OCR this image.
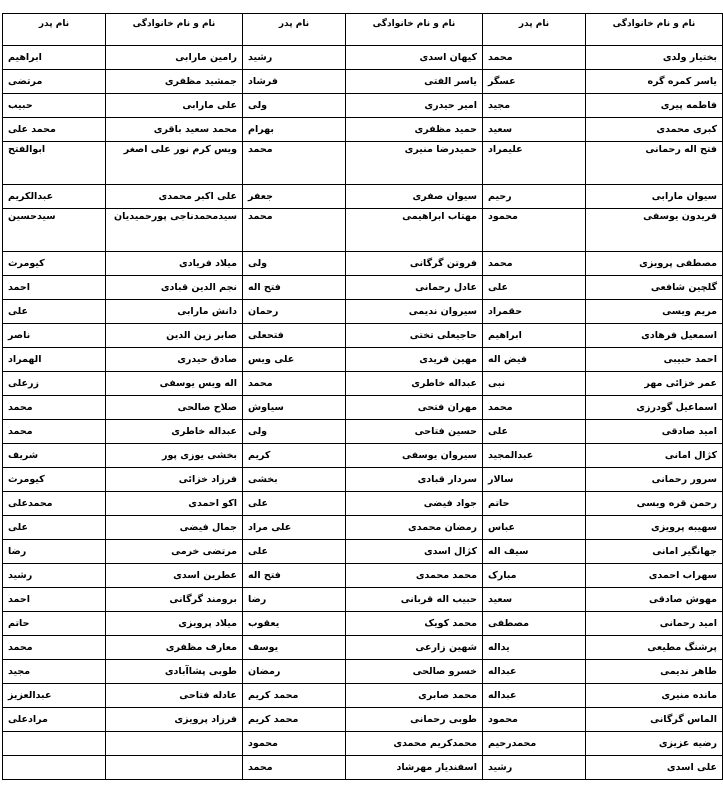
نام و نام خانوادگی	نام پدر	نام و نام خانوادگی	نام پدر	نام و نام خانوادگی	نام پدر
بختیار ولدی	محمد	کیهان اسدی	رشید	رامین مارابی	ابراهیم
یاسر کمره گره	عسگر	یاسر الفتی	فرشاد	جمشید مظفری	مرتضی
فاطمه پیری	مجید	امیر حیدری	ولی	علی مارابی	حبیب
کبری محمدی	سعید	حمید مظفری	بهرام	محمد سعید باقری	محمد علی
فتح اله رحمانی	علیمراد	حمیدرضا منیری	محمد	ویس کرم نور علی اصغر	ابوالفتح
سیوان مارابی	رحیم	سیوان صفری	جعفر	علی اکبر محمدی	عبدالکریم
فریدون یوسفی	محمود	مهتاب ابراهیمی	محمد	سیدمحمدناجی پورحمیدیان	سیدحسین
مصطفی پرویزی	محمد	فروتن گرگانی	ولی	میلاد فریادی	کیومرث
گلچین شافعی	علی	عادل رحمانی	فتح اله	نجم الدین قبادی	احمد
مریم ویسی	حقمراد	سیروان ندیمی	رحمان	دانش مارابی	علی
اسمعیل فرهادی	ابراهیم	حاجیعلی تختی	فتحعلی	صابر زین الدین	ناصر
احمد حبیبی	فیض اله	مهین فریدی	علی ویس	صادق حیدری	الهمراد
عمر خزائی مهر	نبی	عبداله خاطری	محمد	اله ویس یوسفی	زرعلی
اسماعیل گودرزی	محمد	مهران فتحی	سیاوش	صلاح صالحی	محمد
امید صادقی	علی	حسین فتاحی	ولی	عبداله خاطری	محمد
کژال امانی	عبدالمجید	سیروان یوسفی	کریم	بخشی یوزی پور	شریف
سرور رحمانی	سالار	سردار قبادی	بخشی	فرزاد خزائی	کیومرث
رحمن قره ویسی	حاتم	جواد فیضی	علی	اکو احمدی	محمدعلی
سهیبه پرویزی	عباس	رمضان محمدی	علی مراد	جمال فیضی	علی
جهانگیر امانی	سیف اله	کژال اسدی	علی	مرتضی خرمی	رضا
سهراب احمدی	مبارک	محمد محمدی	فتح اله	عطرین اسدی	رشید
مهوش صادقی	سعید	حبیب اله قربانی	رضا	برومند گرگانی	احمد
امید رحمانی	مصطفی	محمد کویک	یعقوب	میلاد پرویزی	حاتم
پرشنگ مطیعی	یداله	شهین زارعی	یوسف	معارف مظفری	محمد
طاهر ندیمی	عبداله	خسرو صالحی	رمضان	طوبی پشاآبادی	مجید
مانده منیری	عبداله	محمد صابری	محمد کریم	عادله فتاحی	عبدالعزیز
الماس گرگانی	محمود	طوبی رحمانی	محمد کریم	فرزاد پرویزی	مرادعلی
رضیه عزیزی	محمدرحیم	محمدکریم محمدی	محمود		
علی اسدی	رشید	اسفندیار مهرشاد	محمد		
